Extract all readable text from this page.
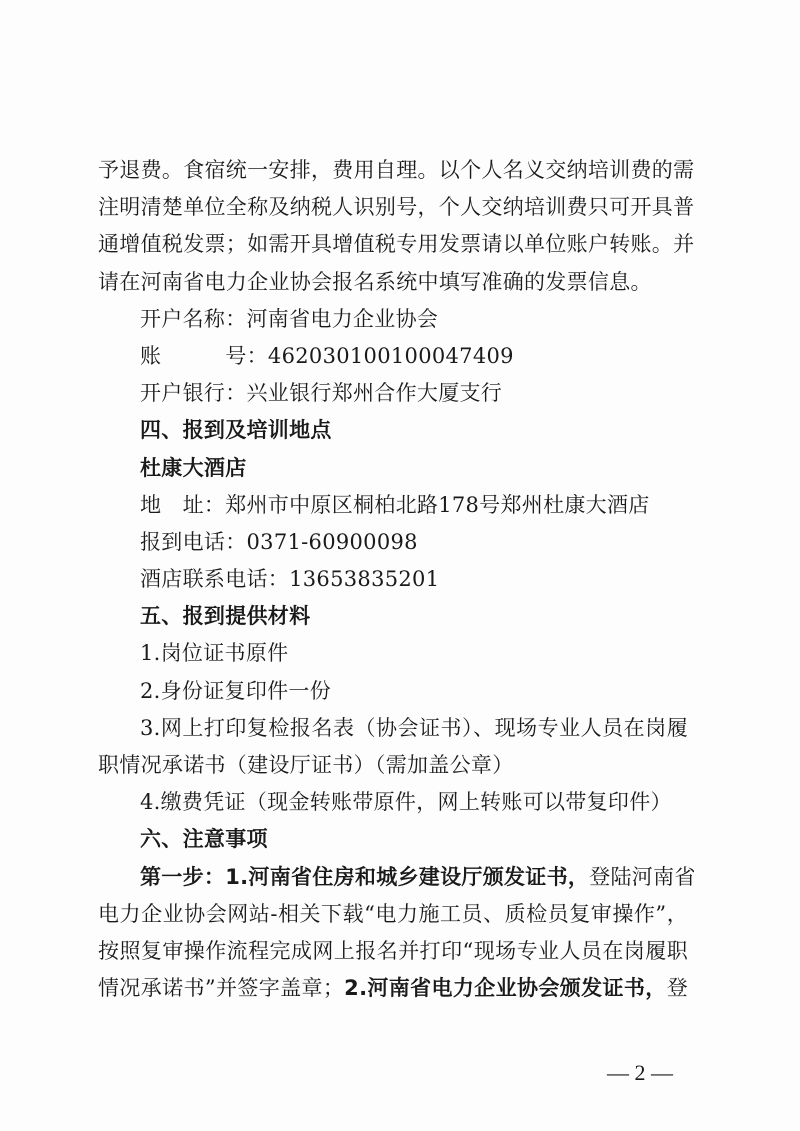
予退费。食宿统一安排，费用自理。以个人名义交纳培训费的需
注明清楚单位全称及纳税人识别号，个人交纳培训费只可开具普
通增值税发票；如需开具增值税专用发票请以单位账户转账。并
请在河南省电力企业协会报名系统中填写准确的发票信息。
开户名称：河南省电力企业协会
账	号：462030100100047409
开户银行：兴业银行郑州合作大厦支行
四、报到及培训地点
杜康大酒店
地　址：郑州市中原区桐柏北路178号郑州杜康大酒店
报到电话：0371-60900098
酒店联系电话：13653835201
五、报到提供材料
1.岗位证书原件
2.身份证复印件一份
3.网上打印复检报名表（协会证书）、现场专业人员在岗履
职情况承诺书（建设厅证书）（需加盖公章）
4.缴费凭证（现金转账带原件，网上转账可以带复印件）
六、注意事项
第一步：1.河南省住房和城乡建设厅颁发证书，登陆河南省
电力企业协会网站-相关下载“电力施工员、质检员复审操作”，
按照复审操作流程完成网上报名并打印“现场专业人员在岗履职
情况承诺书”并签字盖章；2.河南省电力企业协会颁发证书，登
— 2 —
